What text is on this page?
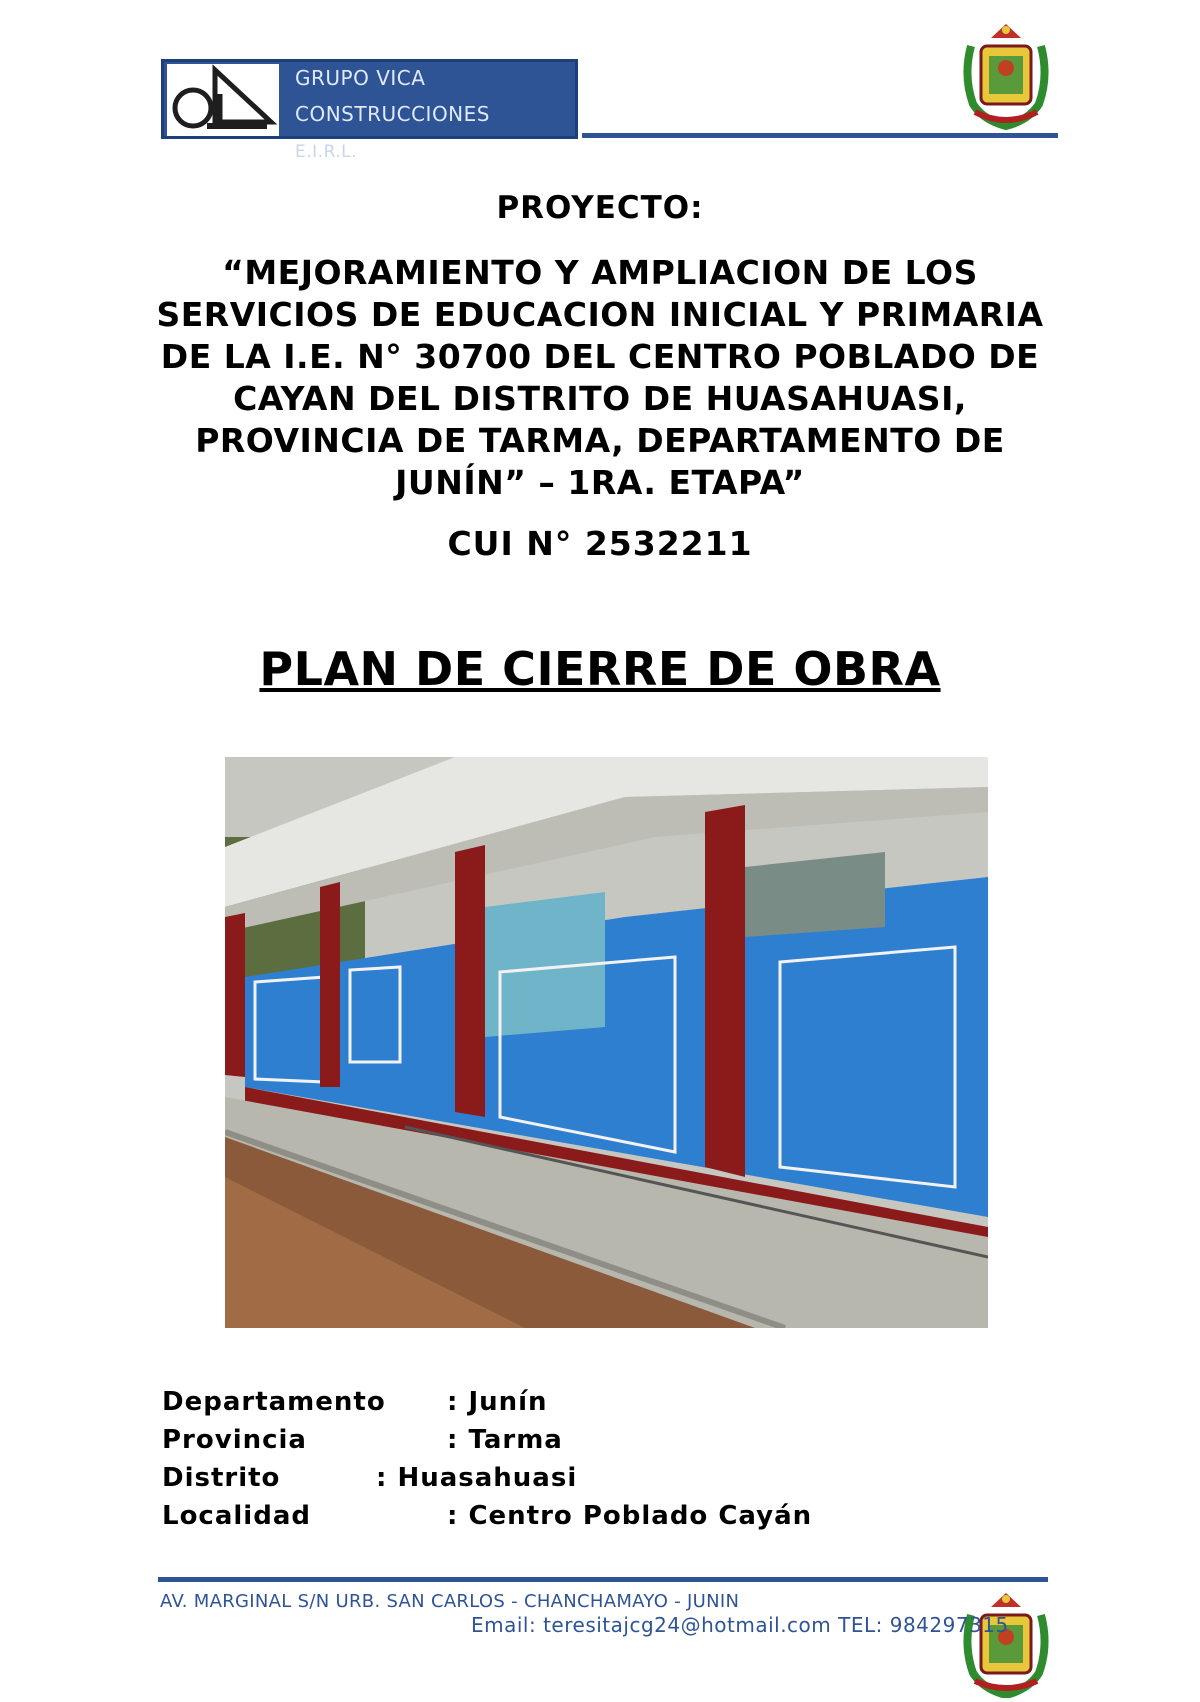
GRUPO VICA
CONSTRUCCIONES
E.I.R.L.
PROYECTO:
“MEJORAMIENTO Y AMPLIACION DE LOS SERVICIOS DE EDUCACION INICIAL Y PRIMARIA DE LA I.E. N° 30700 DEL CENTRO POBLADO DE CAYAN DEL DISTRITO DE HUASAHUASI, PROVINCIA DE TARMA, DEPARTAMENTO DE JUNÍN” – 1RA. ETAPA”
CUI N° 2532211
PLAN DE CIERRE DE OBRA
Departamento : Junín
Provincia	: Tarma
Distrito	: Huasahuasi
Localidad	: Centro Poblado Cayán
AV. MARGINAL S/N URB. SAN CARLOS - CHANCHAMAYO - JUNIN
Email: teresitajcg24@hotmail.com TEL: 984297315
